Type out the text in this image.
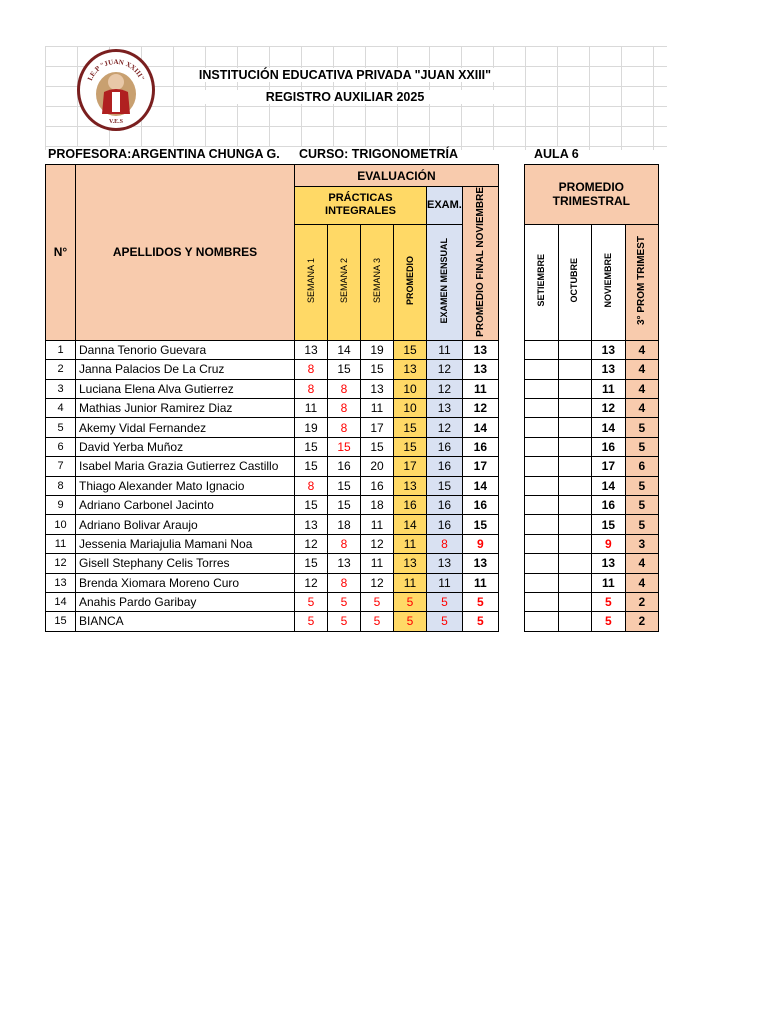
I.E.P "JUAN XXIII"
V.E.S
INSTITUCIÓN EDUCATIVA PRIVADA "JUAN XXIII"
REGISTRO AUXILIAR 2025
PROFESORA:ARGENTINA CHUNGA G. CURSO: TRIGONOMETRÍA	AULA 6
N°	APELLIDOS Y NOMBRES	EVALUACIÓN							PROMEDIO TRIMESTRAL			
		PRÁCTICAS INTEGRALES				EXAM.	PROMEDIO FINAL NOVIEMBRE					
		SEMANA 1	SEMANA 2	SEMANA 3	PROMEDIO	EXAMEN MENSUAL			SETIEMBRE	OCTUBRE	NOVIEMBRE	3° PROM TRIMEST
1	Danna Tenorio Guevara	13	14	19	15	11	13				13	4
2	Janna Palacios De La Cruz	8	15	15	13	12	13				13	4
3	Luciana Elena Alva Gutierrez	8	8	13	10	12	11				11	4
4	Mathias Junior Ramirez Diaz	11	8	11	10	13	12				12	4
5	Akemy Vidal Fernandez	19	8	17	15	12	14				14	5
6	David Yerba Muñoz	15	15	15	15	16	16				16	5
7	Isabel Maria Grazia Gutierrez Castillo	15	16	20	17	16	17				17	6
8	Thiago Alexander Mato Ignacio	8	15	16	13	15	14				14	5
9	Adriano Carbonel Jacinto	15	15	18	16	16	16				16	5
10	Adriano Bolivar Araujo	13	18	11	14	16	15				15	5
11	Jessenia Mariajulia Mamani Noa	12	8	12	11	8	9				9	3
12	Gisell Stephany Celis Torres	15	13	11	13	13	13				13	4
13	Brenda Xiomara Moreno Curo	12	8	12	11	11	11				11	4
14	Anahis Pardo Garibay	5	5	5	5	5	5				5	2
15	BIANCA	5	5	5	5	5	5				5	2
